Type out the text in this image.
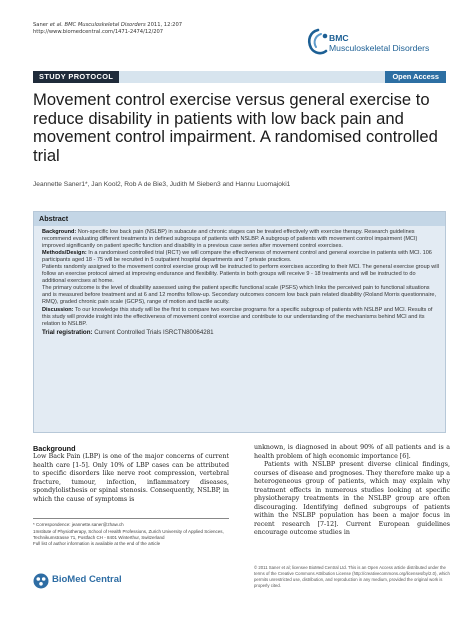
Saner et al. BMC Musculoskeletal Disorders 2011, 12:207
http://www.biomedcentral.com/1471-2474/12/207
BMC
Musculoskeletal Disorders
STUDY PROTOCOL	Open Access
Movement control exercise versus general exercise to reduce disability in patients with low back pain and movement control impairment. A randomised controlled trial
Jeannette Saner1*, Jan Kool2, Rob A de Bie3, Judith M Sieben3 and Hannu Luomajoki1
Abstract

Background: Non-specific low back pain (NSLBP) in subacute and chronic stages can be treated effectively with exercise therapy. Research guidelines recommend evaluating different treatments in defined subgroups of patients with NSLBP. A subgroup of patients with movement control impairment (MCI) improved significantly on patient specific function and disability in a previous case series after movement control exercises.

Methods/Design: In a randomised controlled trial (RCT) we will compare the effectiveness of movement control and general exercise in patients with MCI. 106 participants aged 18 - 75 will be recruited in 5 outpatient hospital departments and 7 private practices.

Patients randomly assigned to the movement control exercise group will be instructed to perform exercises according to their MCI. The general exercise group will follow an exercise protocol aimed at improving endurance and flexibility. Patients in both groups will receive 9 - 18 treatments and will be instructed to do additional exercises at home.

The primary outcome is the level of disability assessed using the patient specific functional scale (PSFS) which links the perceived pain to functional situations and is measured before treatment and at 6 and 12 months follow-up. Secondary outcomes concern low back pain related disability (Roland Morris questionnaire, RMQ), graded chronic pain scale (GCPS), range of motion and tactile acuity.

Discussion: To our knowledge this study will be the first to compare two exercise programs for a specific subgroup of patients with NSLBP and MCI. Results of this study will provide insight into the effectiveness of movement control exercise and contribute to our understanding of the mechanisms behind MCI and its relation to NSLBP.

Trial registration: Current Controlled Trials ISRCTN80064281

Background
Low Back Pain (LBP) is one of the major concerns of current health care [1-5]. Only 10% of LBP cases can be attributed to specific disorders like nerve root compression, vertebral fracture, tumour, infection, inflammatory diseases, spondylolisthesis or spinal stenosis. Consequently, NSLBP, in which the cause of symptoms is
unknown, is diagnosed in about 90% of all patients and is a health problem of high economic importance [6].
Patients with NSLBP present diverse clinical findings, courses of disease and prognoses. They therefore make up a heterogeneous group of patients, which may explain why treatment effects in numerous studies looking at specific physiotherapy treatments in the NSLBP group are often discouraging. Identifying defined subgroups of patients within the NSLBP population has been a major focus in recent research [7-12]. Current European guidelines encourage outcome studies in

* Correspondence: jeannette.saner@zhaw.ch

1Institute of Physiotherapy, School of Health Professions, Zurich University of Applied Sciences, Technikumstrasse 71, Postfach CH - 8401 Winterthur, Switzerland

Full list of author information is available at the end of the article

BioMed Central
© 2011 Saner et al; licensee BioMed Central Ltd. This is an Open Access article distributed under the terms of the Creative Commons Attribution License (http://creativecommons.org/licenses/by/2.0), which permits unrestricted use, distribution, and reproduction in any medium, provided the original work is properly cited.
